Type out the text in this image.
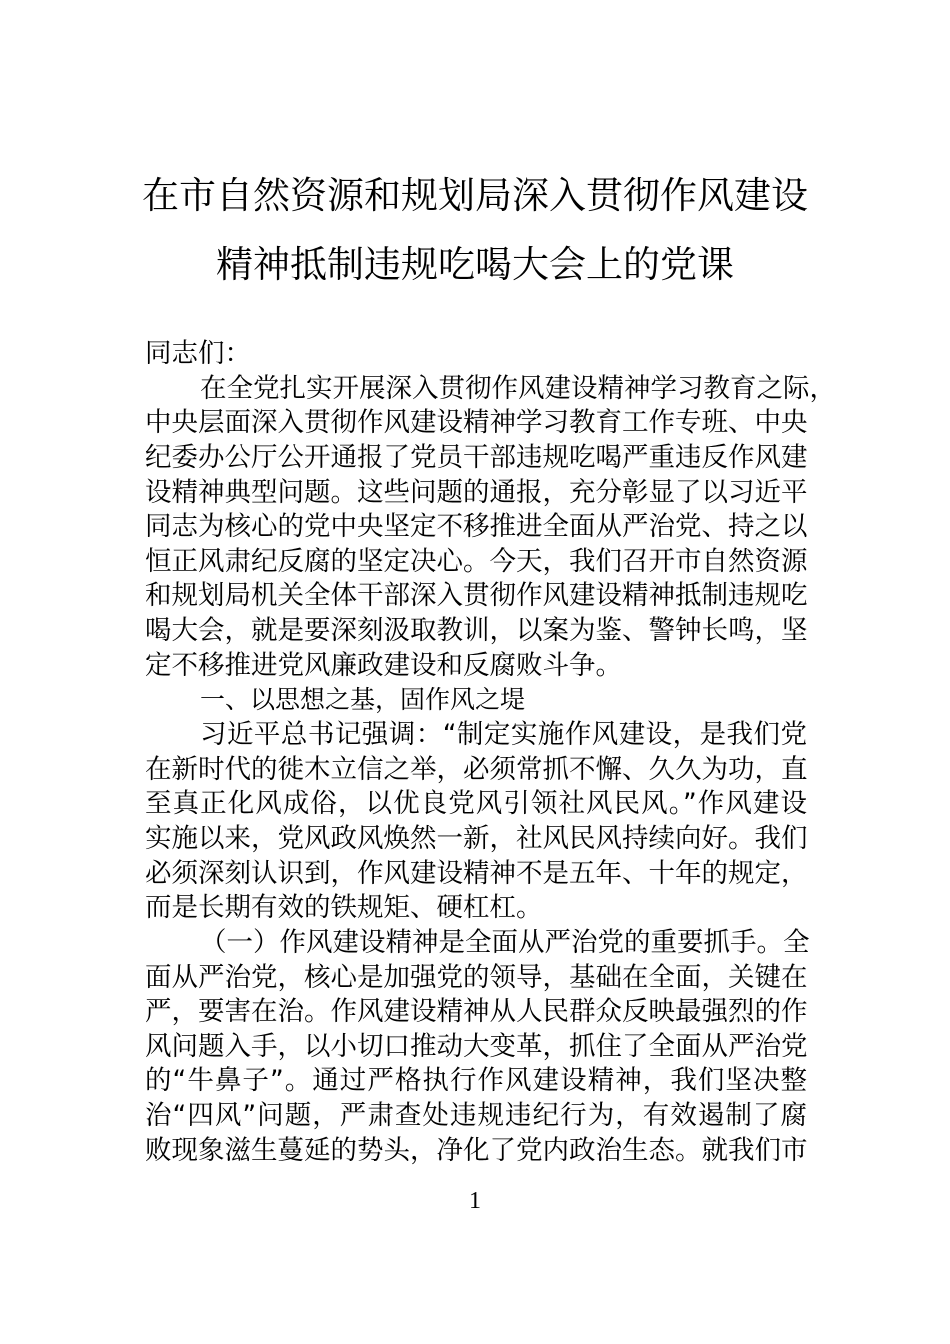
在市自然资源和规划局深入贯彻作风建设
精神抵制违规吃喝大会上的党课
同志们：
在全党扎实开展深入贯彻作风建设精神学习教育之际，
中央层面深入贯彻作风建设精神学习教育工作专班、中央
纪委办公厅公开通报了党员干部违规吃喝严重违反作风建
设精神典型问题。这些问题的通报，充分彰显了以习近平
同志为核心的党中央坚定不移推进全面从严治党、持之以
恒正风肃纪反腐的坚定决心。今天，我们召开市自然资源
和规划局机关全体干部深入贯彻作风建设精神抵制违规吃
喝大会，就是要深刻汲取教训，以案为鉴、警钟长鸣，坚
定不移推进党风廉政建设和反腐败斗争。
一、以思想之基，固作风之堤
习近平总书记强调：“制定实施作风建设，是我们党
在新时代的徙木立信之举，必须常抓不懈、久久为功，直
至真正化风成俗，以优良党风引领社风民风。”作风建设
实施以来，党风政风焕然一新，社风民风持续向好。我们
必须深刻认识到，作风建设精神不是五年、十年的规定，
而是长期有效的铁规矩、硬杠杠。
（一）作风建设精神是全面从严治党的重要抓手。全
面从严治党，核心是加强党的领导，基础在全面，关键在
严，要害在治。作风建设精神从人民群众反映最强烈的作
风问题入手，以小切口推动大变革，抓住了全面从严治党
的“牛鼻子”。通过严格执行作风建设精神，我们坚决整
治“四风”问题，严肃查处违规违纪行为，有效遏制了腐
败现象滋生蔓延的势头，净化了党内政治生态。就我们市
1
